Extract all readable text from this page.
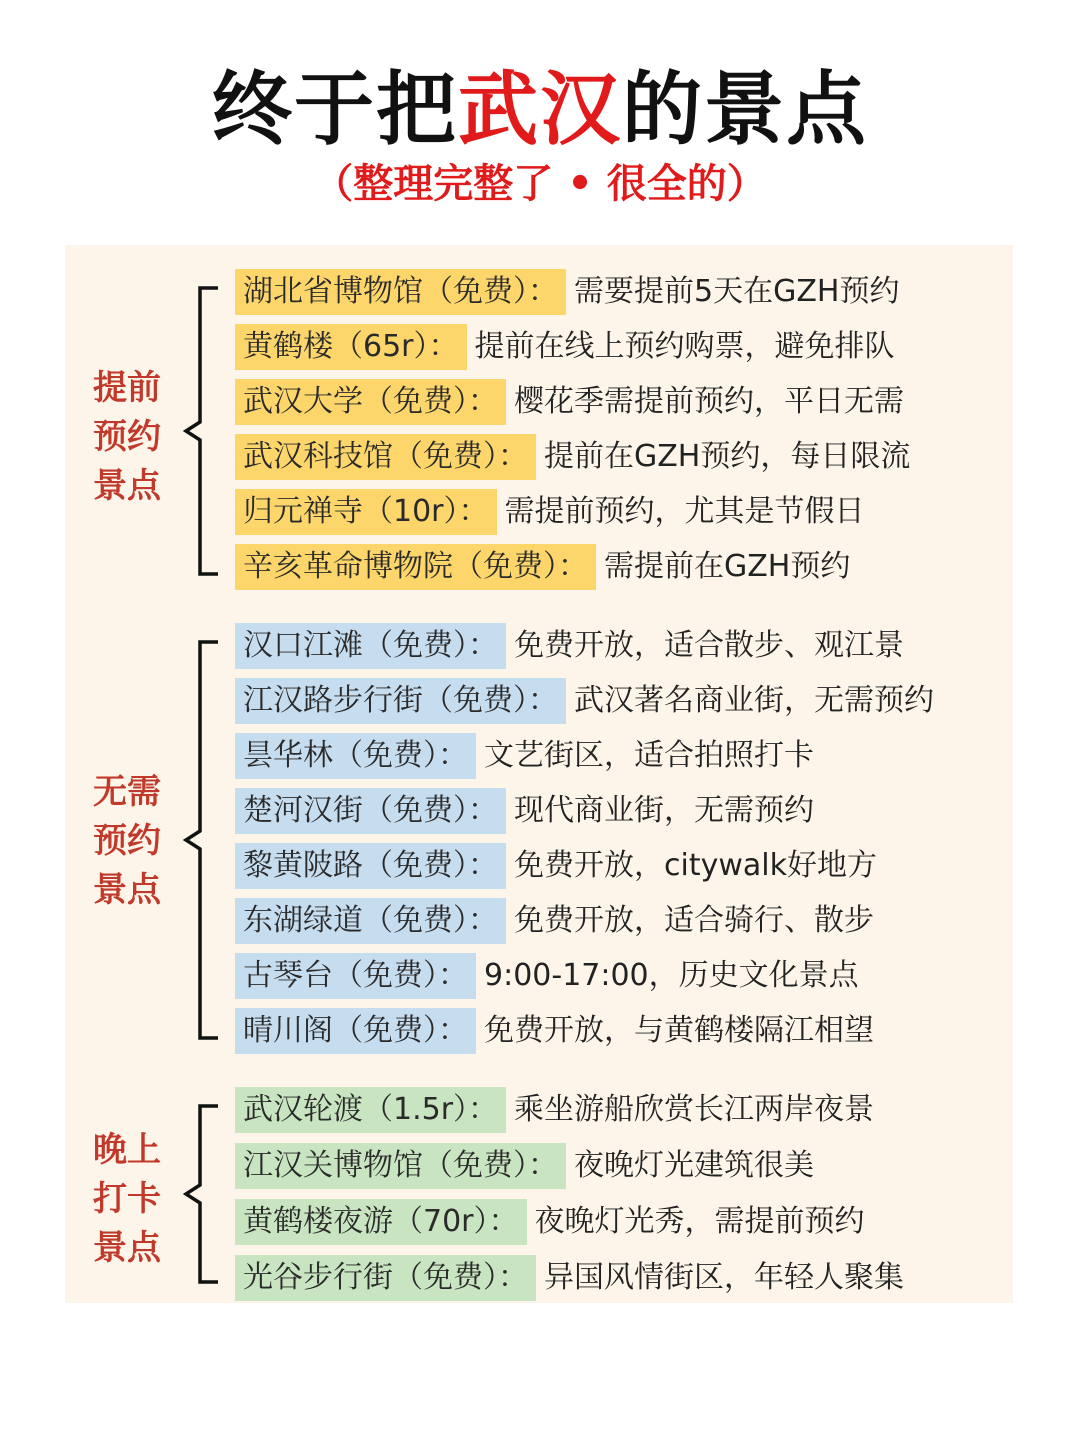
终于把武汉的景点
（整理完整了 • 很全的）
提前
预约
景点
湖北省博物馆（免费）： 需要提前5天在GZH预约
黄鹤楼（65r）： 提前在线上预约购票，避免排队
武汉大学（免费）： 樱花季需提前预约，平日无需
武汉科技馆（免费）： 提前在GZH预约，每日限流
归元禅寺（10r）： 需提前预约，尤其是节假日
辛亥革命博物院（免费）： 需提前在GZH预约
无需
预约
景点
汉口江滩（免费）： 免费开放，适合散步、观江景
江汉路步行街（免费）： 武汉著名商业街，无需预约
昙华林（免费）： 文艺街区，适合拍照打卡
楚河汉街（免费）： 现代商业街，无需预约
黎黄陂路（免费）： 免费开放，citywalk好地方
东湖绿道（免费）： 免费开放，适合骑行、散步
古琴台（免费）： 9:00-17:00，历史文化景点
晴川阁（免费）： 免费开放，与黄鹤楼隔江相望
晚上
打卡
景点
武汉轮渡（1.5r）： 乘坐游船欣赏长江两岸夜景
江汉关博物馆（免费）： 夜晚灯光建筑很美
黄鹤楼夜游（70r）： 夜晚灯光秀，需提前预约
光谷步行街（免费）： 异国风情街区，年轻人聚集
